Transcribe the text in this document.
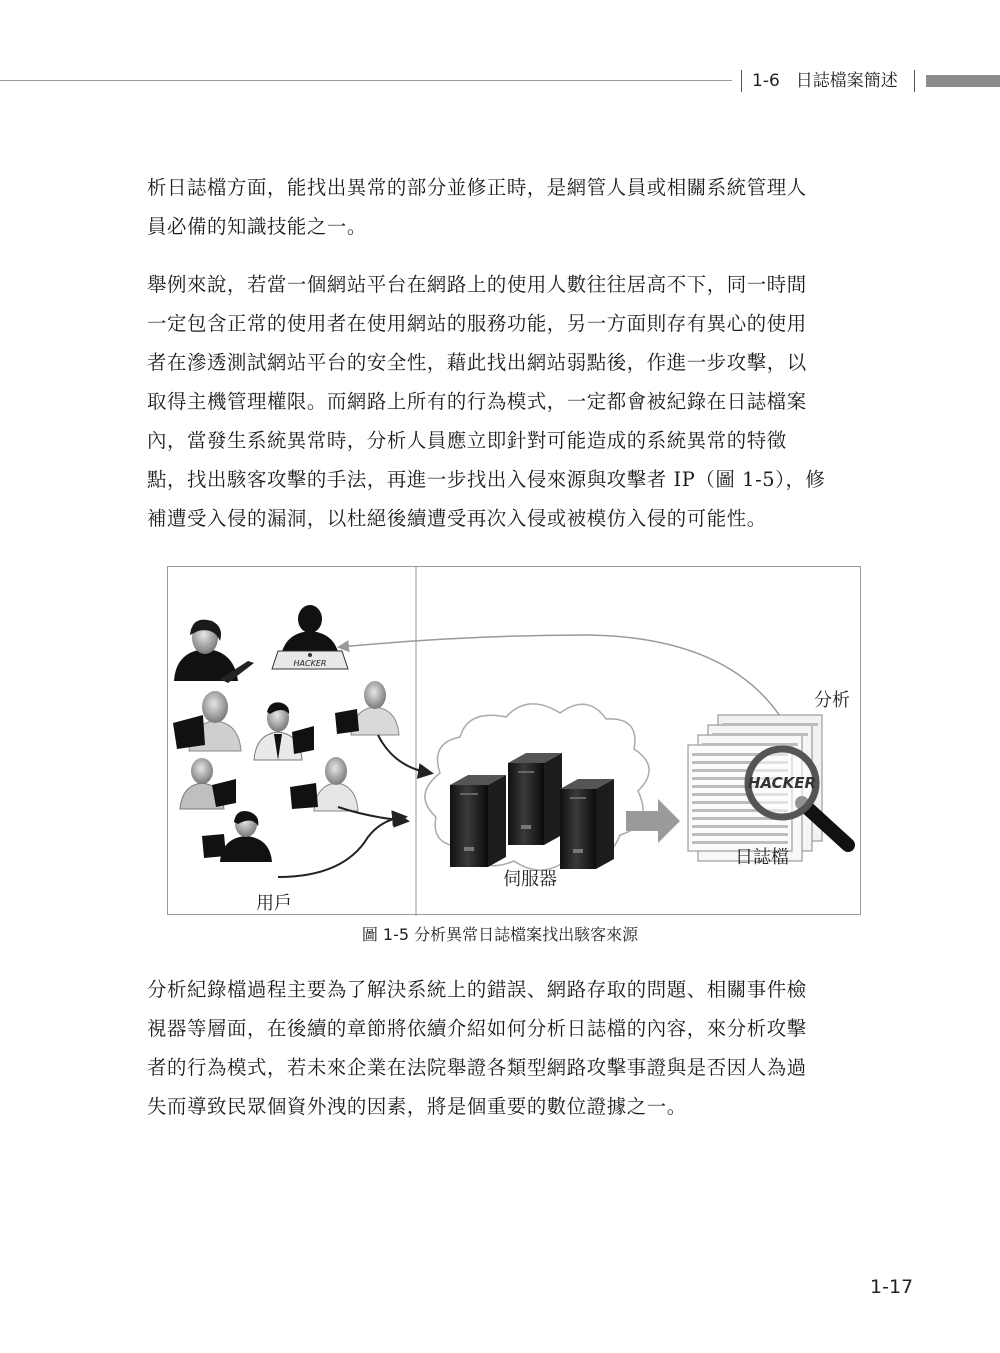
1-6 日誌檔案簡述
析日誌檔方面，能找出異常的部分並修正時，是網管人員或相關系統管理人
員必備的知識技能之一。
舉例來說，若當一個網站平台在網路上的使用人數往往居高不下，同一時間
一定包含正常的使用者在使用網站的服務功能，另一方面則存有異心的使用
者在滲透測試網站平台的安全性，藉此找出網站弱點後，作進一步攻擊，以
取得主機管理權限。而網路上所有的行為模式，一定都會被紀錄在日誌檔案
內，當發生系統異常時，分析人員應立即針對可能造成的系統異常的特徵
點，找出駭客攻擊的手法，再進一步找出入侵來源與攻擊者 IP（圖 1-5），修
補遭受入侵的漏洞，以杜絕後續遭受再次入侵或被模仿入侵的可能性。
HACKER
HACKER
用戶
伺服器
日誌檔
分析
圖 1-5 分析異常日誌檔案找出駭客來源
分析紀錄檔過程主要為了解決系統上的錯誤、網路存取的問題、相關事件檢
視器等層面，在後續的章節將依續介紹如何分析日誌檔的內容，來分析攻擊
者的行為模式，若未來企業在法院舉證各類型網路攻擊事證與是否因人為過
失而導致民眾個資外洩的因素，將是個重要的數位證據之一。
1-17
